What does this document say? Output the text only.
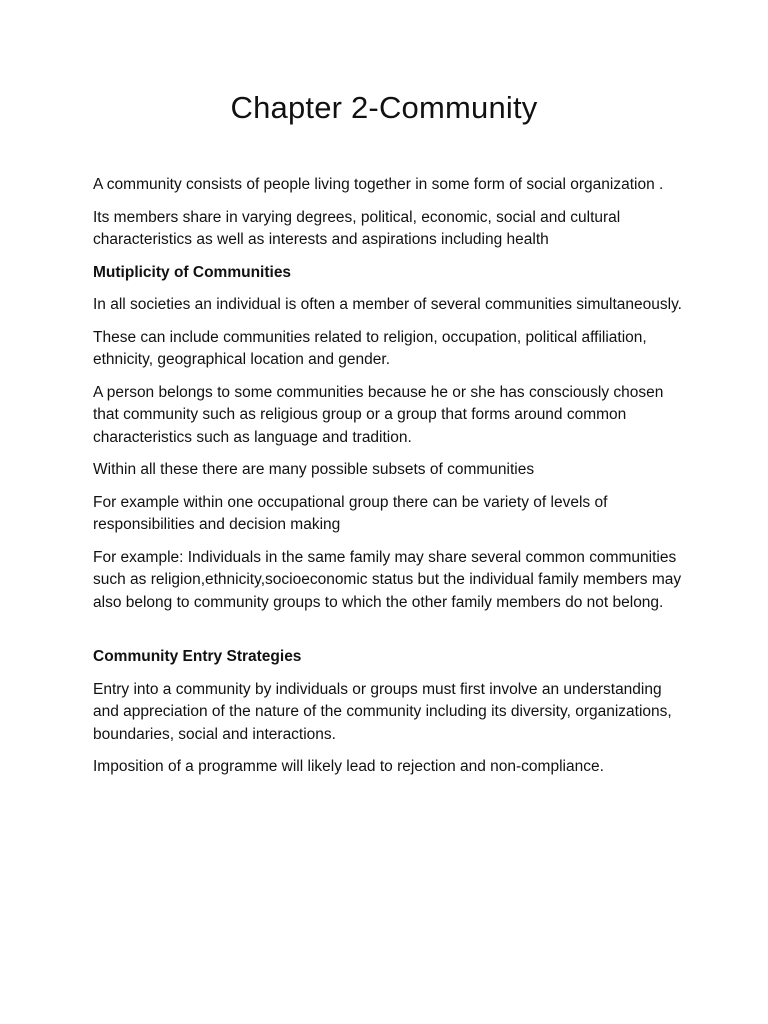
Chapter 2-Community

A community consists of people living together in some form of social organization .

Its members share in varying degrees, political, economic, social and cultural characteristics as well as interests and aspirations including health

Mutiplicity of Communities

In all societies an individual is often a member of several communities simultaneously.

These can include communities related to religion, occupation, political affiliation, ethnicity, geographical location and gender.

A person belongs to some communities because he or she has consciously chosen that community such as religious group or a group that forms around common characteristics such as language and tradition.

Within all these there are many possible subsets of communities

For example within one occupational group there can be variety of levels of responsibilities and decision making

For example: Individuals in the same family may share several common communities such as religion,ethnicity,socioeconomic status but the individual family members may also belong to community groups to which the other family members do not belong.

Community Entry Strategies

Entry into a community by individuals or groups must first involve an understanding and appreciation of the nature of the community including its diversity, organizations, boundaries, social and interactions.

Imposition of a programme will likely lead to rejection and non-compliance.
